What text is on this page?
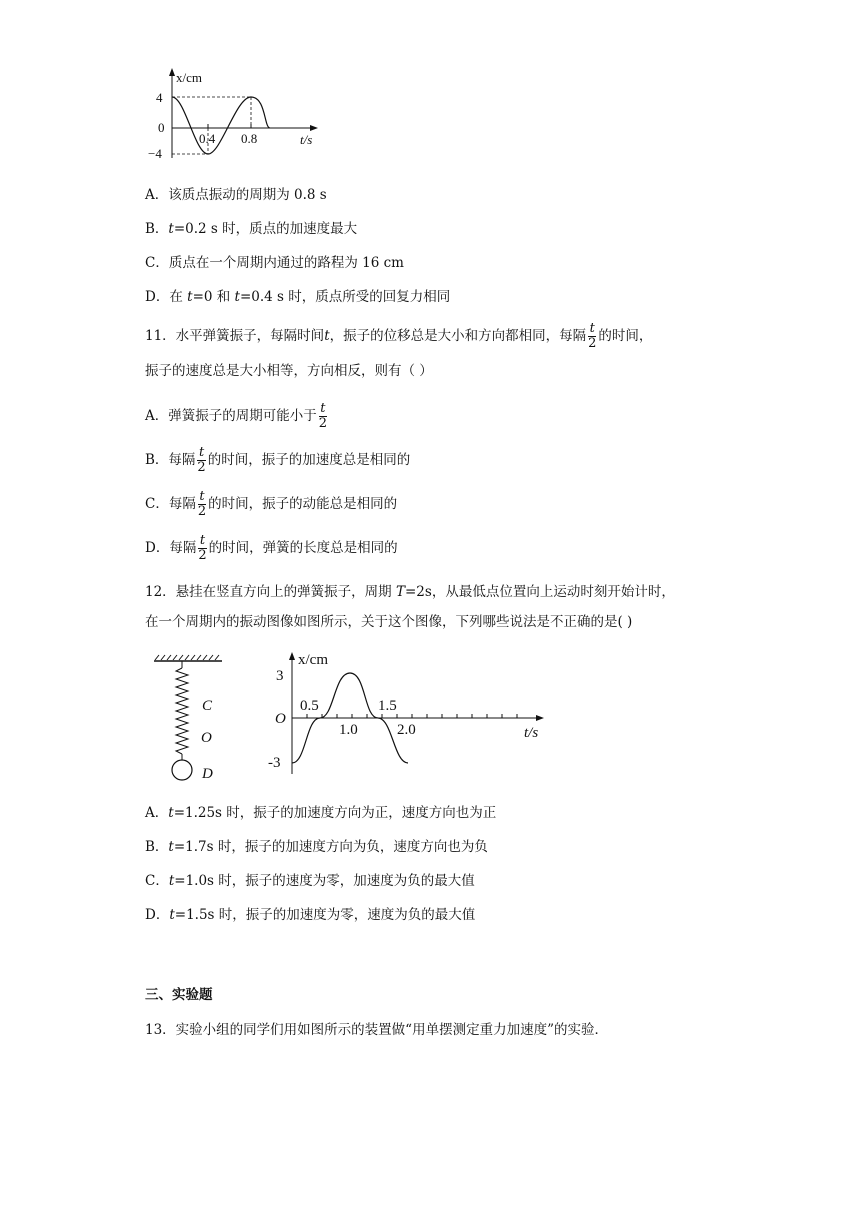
x/cm
4
0
−4
0.4 0.8	t/s
A．该质点振动的周期为 0.8 s
B．t=0.2 s 时，质点的加速度最大
C．质点在一个周期内通过的路程为 16 cm
D．在 t=0 和 t=0.4 s 时，质点所受的回复力相同
11．水平弹簧振子，每隔时间t，振子的位移总是大小和方向都相同，每隔 $\frac{t}{2}$ 的时间，
振子的速度总是大小相等，方向相反，则有（ ）
A．弹簧振子的周期可能小于 $\frac{t}{2}$
B．每隔 $\frac{t}{2}$ 的时间，振子的加速度总是相同的
C．每隔 $\frac{t}{2}$ 的时间，振子的动能总是相同的
D．每隔 $\frac{t}{2}$ 的时间，弹簧的长度总是相同的
12．悬挂在竖直方向上的弹簧振子，周期 T=2s，从最低点位置向上运动时刻开始计时，
在一个周期内的振动图像如图所示，关于这个图像，下列哪些说法是不正确的是( )
C
O
D
x/cm
3
O
-3
0.5
1.0
1.5
2.0	t/s
A．t=1.25s 时，振子的加速度方向为正，速度方向也为正
B．t=1.7s 时，振子的加速度方向为负，速度方向也为负
C．t=1.0s 时，振子的速度为零，加速度为负的最大值
D．t=1.5s 时，振子的加速度为零，速度为负的最大值
三、实验题
13．实验小组的同学们用如图所示的装置做“用单摆测定重力加速度”的实验．
